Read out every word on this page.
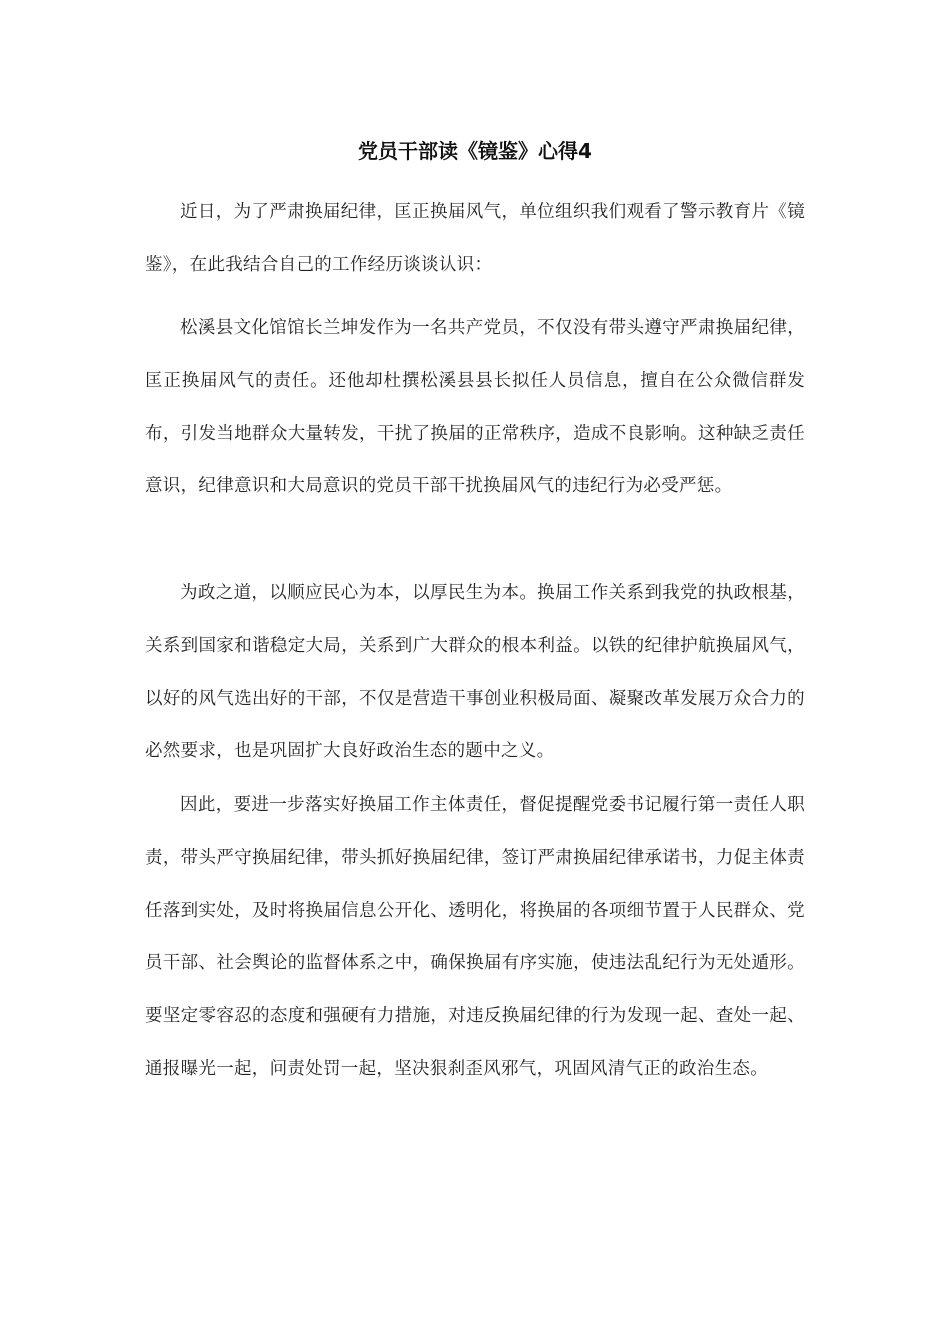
党员干部读《镜鉴》心得4

近日，为了严肃换届纪律，匡正换届风气，单位组织我们观看了警示教育片《镜鉴》，在此我结合自己的工作经历谈谈认识：

松溪县文化馆馆长兰坤发作为一名共产党员，不仅没有带头遵守严肃换届纪律，匡正换届风气的责任。还他却杜撰松溪县县长拟任人员信息，擅自在公众微信群发布，引发当地群众大量转发，干扰了换届的正常秩序，造成不良影响。这种缺乏责任意识，纪律意识和大局意识的党员干部干扰换届风气的违纪行为必受严惩。

为政之道，以顺应民心为本，以厚民生为本。换届工作关系到我党的执政根基，关系到国家和谐稳定大局，关系到广大群众的根本利益。以铁的纪律护航换届风气，以好的风气选出好的干部，不仅是营造干事创业积极局面、凝聚改革发展万众合力的必然要求，也是巩固扩大良好政治生态的题中之义。

因此，要进一步落实好换届工作主体责任，督促提醒党委书记履行第一责任人职责，带头严守换届纪律，带头抓好换届纪律，签订严肃换届纪律承诺书，力促主体责任落到实处，及时将换届信息公开化、透明化，将换届的各项细节置于人民群众、党员干部、社会舆论的监督体系之中，确保换届有序实施，使违法乱纪行为无处遁形。要坚定零容忍的态度和强硬有力措施，对违反换届纪律的行为发现一起、查处一起、通报曝光一起，问责处罚一起，坚决狠刹歪风邪气，巩固风清气正的政治生态。
